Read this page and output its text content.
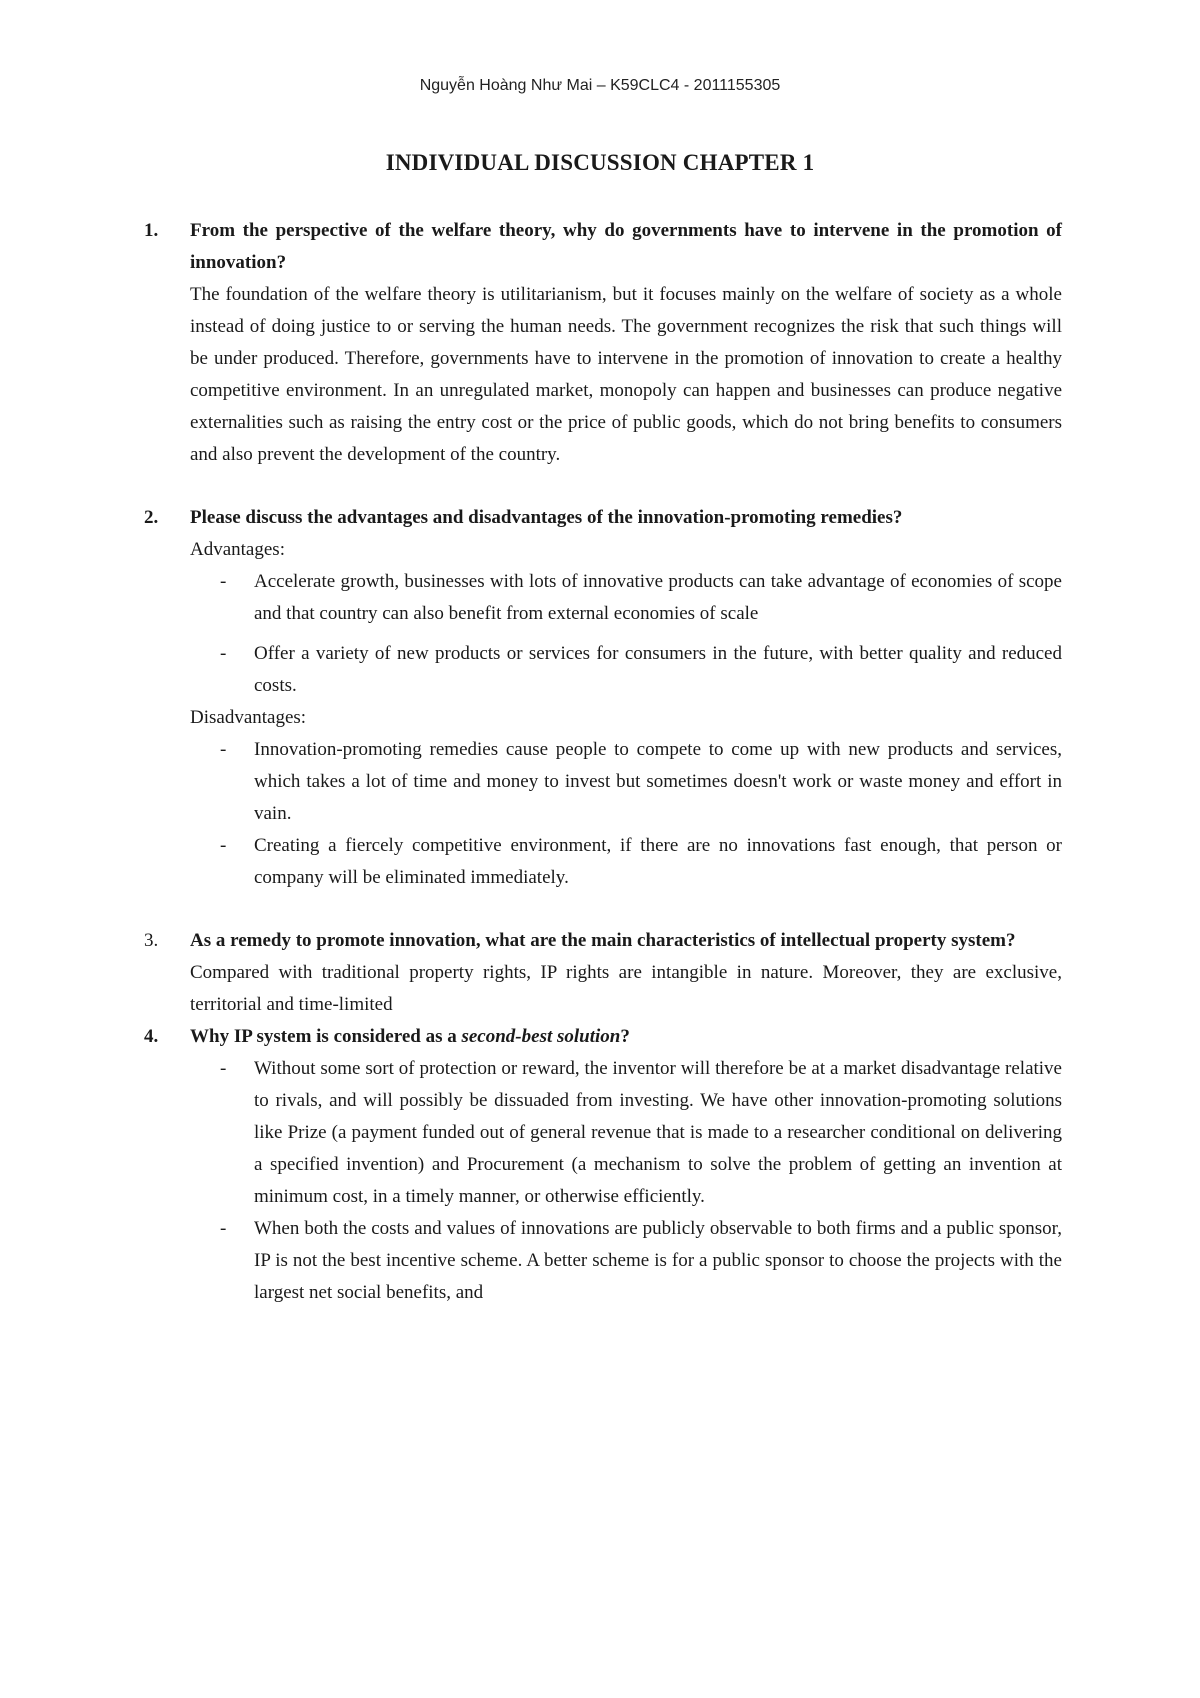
Nguyễn Hoàng Như Mai – K59CLC4 - 2011155305
INDIVIDUAL DISCUSSION CHAPTER 1
1. From the perspective of the welfare theory, why do governments have to intervene in the promotion of innovation?
The foundation of the welfare theory is utilitarianism, but it focuses mainly on the welfare of society as a whole instead of doing justice to or serving the human needs. The government recognizes the risk that such things will be under produced. Therefore, governments have to intervene in the promotion of innovation to create a healthy competitive environment. In an unregulated market, monopoly can happen and businesses can produce negative externalities such as raising the entry cost or the price of public goods, which do not bring benefits to consumers and also prevent the development of the country.
2. Please discuss the advantages and disadvantages of the innovation-promoting remedies?
Advantages:
- Accelerate growth, businesses with lots of innovative products can take advantage of economies of scope and that country can also benefit from external economies of scale
- Offer a variety of new products or services for consumers in the future, with better quality and reduced costs.
Disadvantages:
- Innovation-promoting remedies cause people to compete to come up with new products and services, which takes a lot of time and money to invest but sometimes doesn't work or waste money and effort in vain.
- Creating a fiercely competitive environment, if there are no innovations fast enough, that person or company will be eliminated immediately.
3. As a remedy to promote innovation, what are the main characteristics of intellectual property system?
Compared with traditional property rights, IP rights are intangible in nature. Moreover, they are exclusive, territorial and time-limited
4. Why IP system is considered as a second-best solution?
- Without some sort of protection or reward, the inventor will therefore be at a market disadvantage relative to rivals, and will possibly be dissuaded from investing. We have other innovation-promoting solutions like Prize (a payment funded out of general revenue that is made to a researcher conditional on delivering a specified invention) and Procurement (a mechanism to solve the problem of getting an invention at minimum cost, in a timely manner, or otherwise efficiently.
- When both the costs and values of innovations are publicly observable to both firms and a public sponsor, IP is not the best incentive scheme. A better scheme is for a public sponsor to choose the projects with the largest net social benefits, and
